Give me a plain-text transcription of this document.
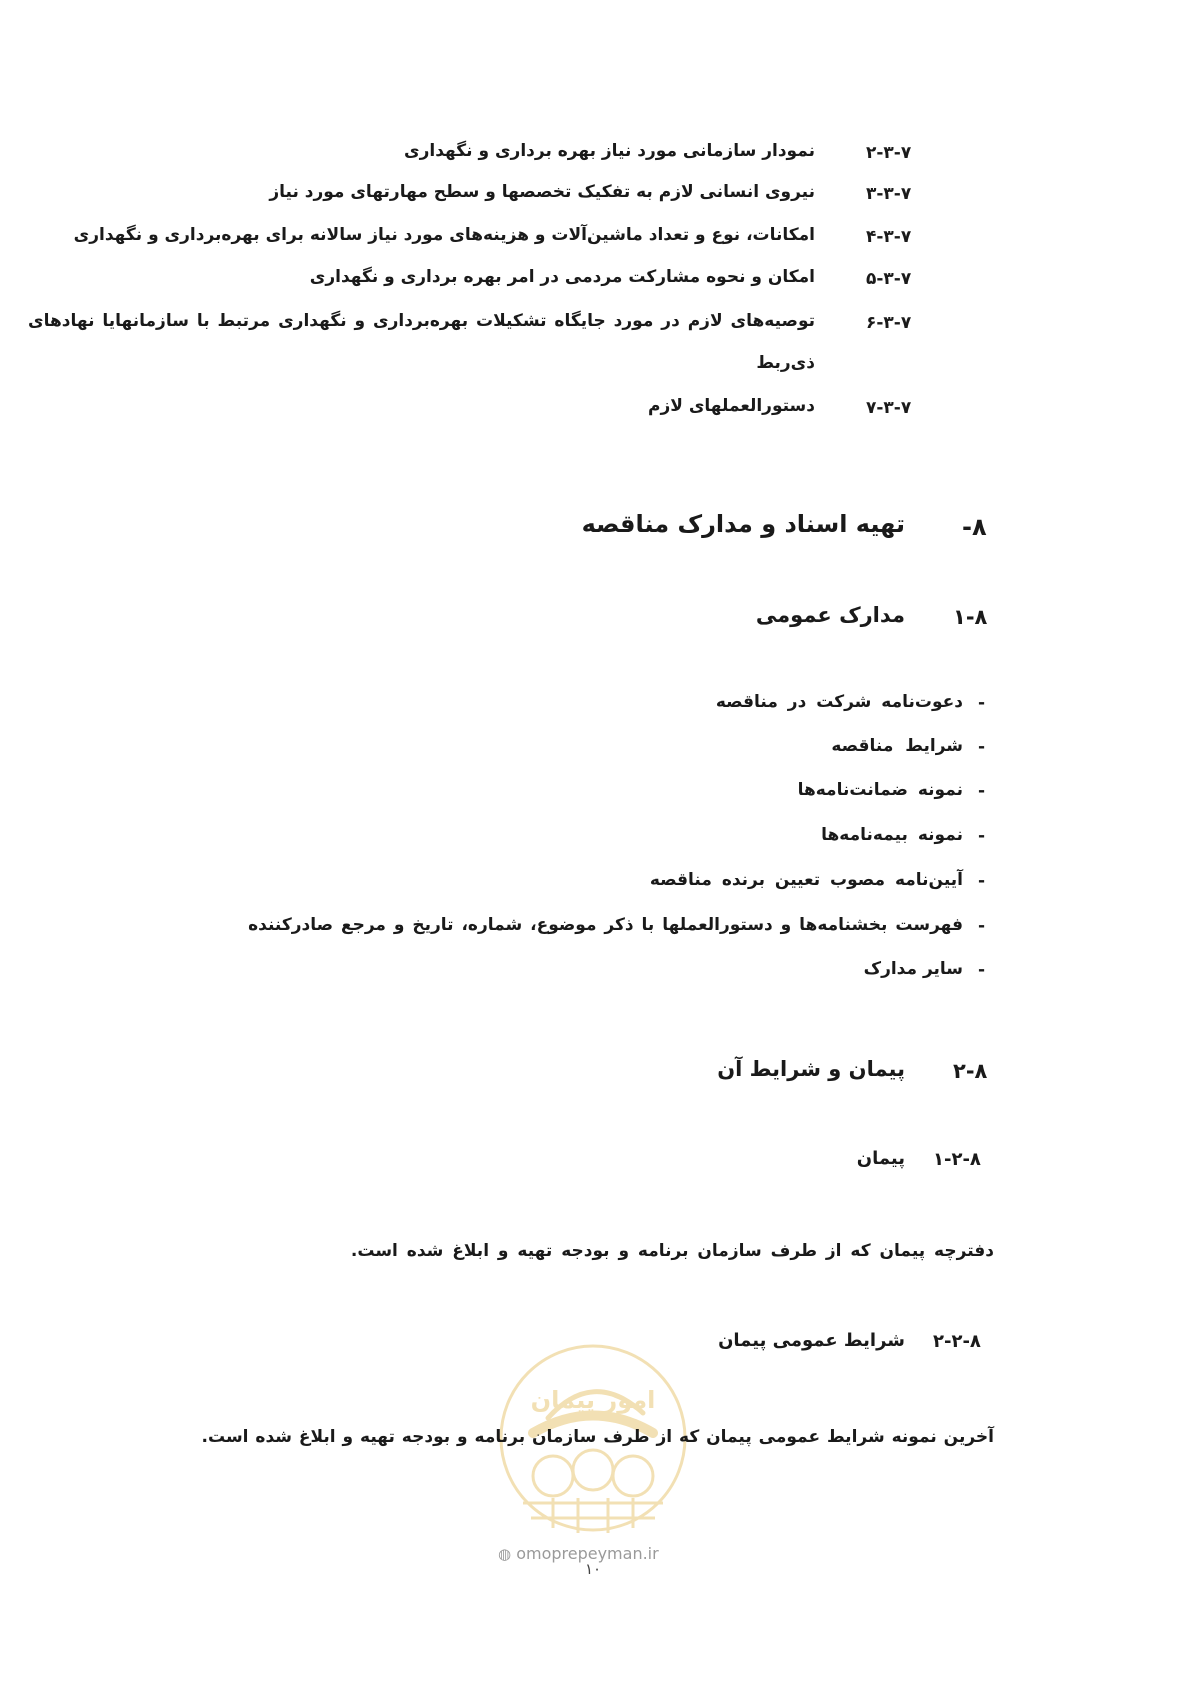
۲-۳-۷
نمودار سازمانی مورد نیاز بهره برداری و نگهداری
۳-۳-۷
نیروی انسانی لازم به تفکیک تخصصها و سطح مهارتهای مورد نیاز
۴-۳-۷
امکانات، نوع و تعداد ماشین‌آلات و هزینه‌های مورد نیاز سالانه برای بهره‌برداری و نگهداری
۵-۳-۷
امکان و نحوه مشارکت مردمی در امر بهره برداری و نگهداری
۶-۳-۷
توصیه‌های لازم در مورد جایگاه تشکیلات بهره‌برداری و نگهداری مرتبط با سازمانهایا نهادهای
ذی‌ربط
۷-۳-۷
دستورالعملهای لازم
-۸
تهیه اسناد و مدارک مناقصه
۱-۸
مدارک عمومی
-
دعوت‌نامه شرکت در مناقصه
-
شرایط مناقصه
-
نمونه ضمانت‌نامه‌ها
-
نمونه بیمه‌نامه‌ها
-
آیین‌نامه مصوب تعیین برنده مناقصه
-
فهرست بخشنامه‌ها و دستورالعملها با ذکر موضوع، شماره، تاریخ و مرجع صادرکننده
-
سایر مدارک
۲-۸
پیمان و شرایط آن
۱-۲-۸
پیمان
دفترچه پیمان که از طرف سازمان برنامه و بودجه تهیه و ابلاغ شده است.
۲-۲-۸
شرایط عمومی پیمان
امور پیمان
آخرین نمونه شرایط عمومی پیمان که از طرف سازمان برنامه و بودجه تهیه و ابلاغ شده است.
◍ omoprepeyman.ir
۱۰
